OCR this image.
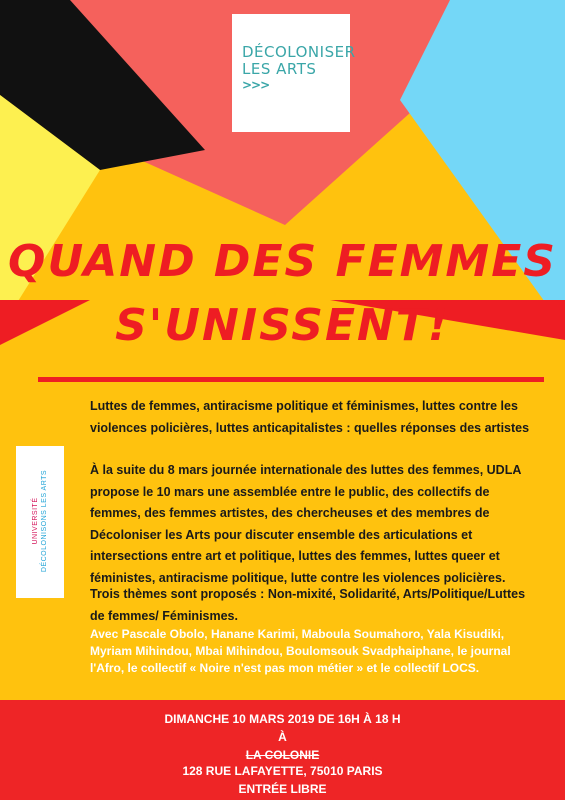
DÉCOLONISER
LES ARTS
>>>
QUAND DES FEMMES
S'UNISSENT!
UNIVERSITÉ DÉCOLONISONS LES ARTS

Luttes de femmes, antiracisme politique et féminismes, luttes contre les violences policières, luttes anticapitalistes : quelles réponses des artistes

À la suite du 8 mars journée internationale des luttes des femmes, UDLA propose le 10 mars une assemblée entre le public, des collectifs de femmes, des femmes artistes, des chercheuses et des membres de Décoloniser les Arts pour discuter ensemble des articulations et intersections entre art et politique, luttes des femmes, luttes queer et féministes, antiracisme politique, lutte contre les violences policières.

Trois thèmes sont proposés : Non-mixité, Solidarité, Arts/Politique/Luttes de femmes/ Féminismes.

Avec Pascale Obolo, Hanane Karimi, Maboula Soumahoro, Yala Kisudiki, Myriam Mihindou, Mbai Mihindou, Boulomsouk Svadphaiphane, le journal l'Afro, le collectif « Noire n'est pas mon métier » et le collectif LOCS.

DIMANCHE 10 MARS 2019 DE 16H À 18 H

À

LA COLONIE

128 RUE LAFAYETTE, 75010 PARIS

ENTRÉE LIBRE
